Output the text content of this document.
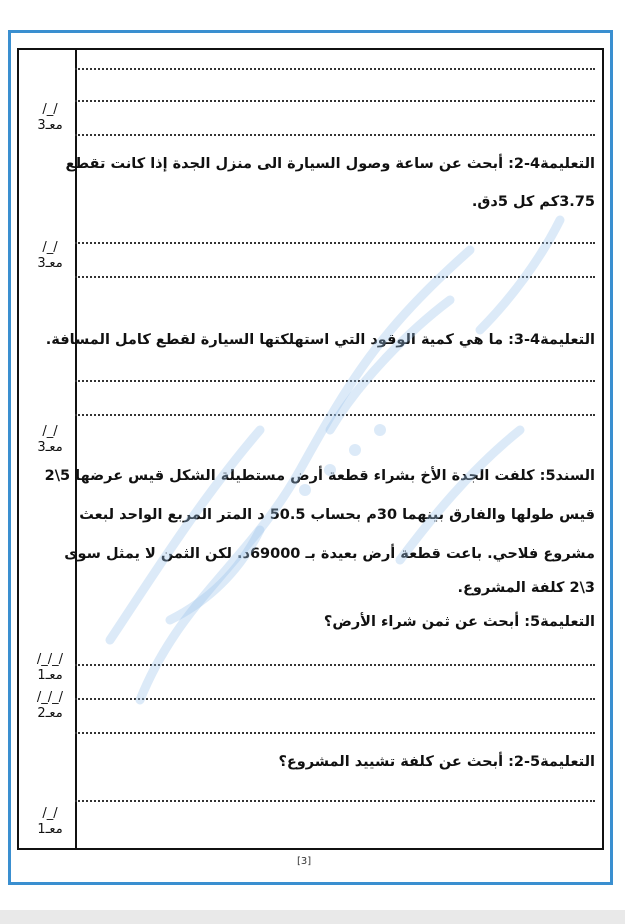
التعليمة4-2: أبحث عن ساعة وصول السيارة الى منزل الجدة إذا كانت تقطع
3.75كم كل 5دق.
التعليمة4-3: ما هي كمية الوقود التي استهلكتها السيارة لقطع كامل المسافة.
السند5: كلفت الجدة الأخ بشراء قطعة أرض مستطيلة الشكل قيس عرضها 5\2
قيس طولها والفارق بينهما 30م بحساب 50.5 د المتر المربع الواحد لبعث
مشروع فلاحي. باعت قطعة أرض بعيدة بـ 69000د. لكن الثمن لا يمثل سوى
3\2 كلفة المشروع.
التعليمة5: أبحث عن ثمن شراء الأرض؟
التعليمة5-2: أبحث عن كلفة تشييد المشروع؟
/_/
معـ3
/_/
معـ3
/_/
معـ3
/_/_/
معـ1
/_/_/
معـ2
/_/
معـ1
[3]
